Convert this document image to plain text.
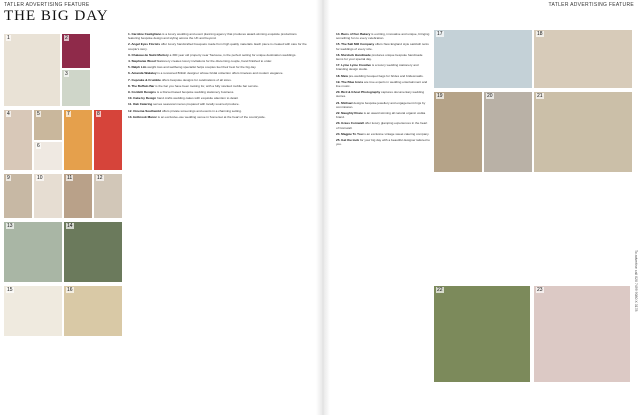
TATLER ADVERTISING FEATURE	TATLER ADVERTISING FEATURE
THE BIG DAY
1	2
3
4	5
6
7	8
9	10	11	12
13	14
15	16

1. Caroline Castigliano is a luxury wedding and event planning agency that produces award-winning exquisite productions featuring bespoke design and styling across the UK and beyond.

2. Angel Eyes Florists offer luxury handcrafted bouquets made from high quality materials. Each piece is created with care for the couple's story.

3. Chateau de Saint Martory a 300 year old property near Toulouse, is the perfect setting for unique destination weddings.

4. Stephanie Wood Stationery creates luxury invitations for the discerning couple, hand finished to order.

5. Ralph Lim weight loss and wellbeing specialist helps couples feel their best for the big day.

6. Amanda Wakeley is a renowned British designer whose bridal collection offers timeless and modern elegance.

7. Cupcake & Crumble offers bespoke designs for celebrations of all sizes.

8. The Buffalo Bar is the bar you have been looking for, with a fully stocked mobile bar service.

9. Confetti Designs is a Dorset based bespoke wedding stationery business.

10. Cake by Design hand crafts wedding cakes with exquisite attention to detail.

11. Oak Catering serves seasonal menus prepared with locally sourced produce.

12. Cinema Southwold offers private screenings and events in a charming setting.

13. Holbrook Manor is an exclusive-use wedding venue in Somerset at the heart of the countryside.

17	18
19	20	21
22	23

14. Buns of Fun Bakery is exciting, innovative and unique, bringing something fun to every celebration.

15. The Salt Mill Company offers New England style sailcloth tents for weddings of every size.

16. Murdock Handmade produces unique bespoke handmade items for your special day.

17. Lyme Lyme Creative is a luxury wedding stationery and branding design studio.

18. Mew pre-wedding bouquet bags for brides and bridesmaids.

19. The Blue Icons are true experts in wedding entertainment and live music.

20. Bird & Ghost Photography captures documentary wedding stories.

21. Michael designs bespoke jewellery and engagement rings by commission.

22. Naughty Rosie is an award winning all natural organic vodka brand.

23. Grass Cornwall offer luxury glamping experiences in the heart of Cornwall.

24. Magpie To You is an exclusive vintage sweet catering company.

25. Get the look for your big day with a beautiful designer tailored to you.

To advertise call 020 7499 9080 X 3178
